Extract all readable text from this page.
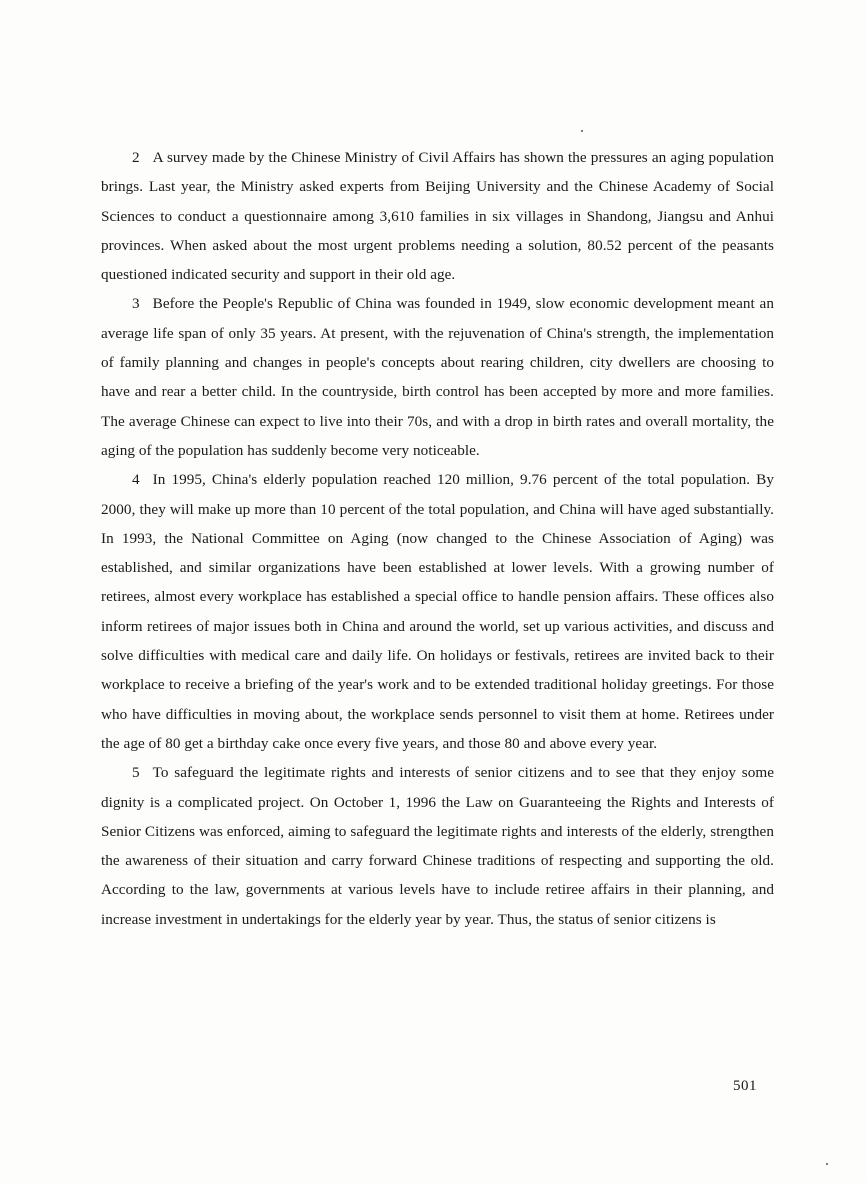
2 A survey made by the Chinese Ministry of Civil Affairs has shown the pressures an aging population brings. Last year, the Ministry asked experts from Beijing University and the Chinese Academy of Social Sciences to conduct a questionnaire among 3,610 families in six villages in Shandong, Jiangsu and Anhui provinces. When asked about the most urgent problems needing a solution, 80.52 percent of the peasants questioned indicated security and support in their old age.

3 Before the People's Republic of China was founded in 1949, slow economic development meant an average life span of only 35 years. At present, with the rejuvenation of China's strength, the implementation of family planning and changes in people's concepts about rearing children, city dwellers are choosing to have and rear a better child. In the countryside, birth control has been accepted by more and more families. The average Chinese can expect to live into their 70s, and with a drop in birth rates and overall mortality, the aging of the population has suddenly become very noticeable.

4 In 1995, China's elderly population reached 120 million, 9.76 percent of the total population. By 2000, they will make up more than 10 percent of the total population, and China will have aged substantially. In 1993, the National Committee on Aging (now changed to the Chinese Association of Aging) was established, and similar organizations have been established at lower levels. With a growing number of retirees, almost every workplace has established a special office to handle pension affairs. These offices also inform retirees of major issues both in China and around the world, set up various activities, and discuss and solve difficulties with medical care and daily life. On holidays or festivals, retirees are invited back to their workplace to receive a briefing of the year's work and to be extended traditional holiday greetings. For those who have difficulties in moving about, the workplace sends personnel to visit them at home. Retirees under the age of 80 get a birthday cake once every five years, and those 80 and above every year.

5 To safeguard the legitimate rights and interests of senior citizens and to see that they enjoy some dignity is a complicated project. On October 1, 1996 the Law on Guaranteeing the Rights and Interests of Senior Citizens was enforced, aiming to safeguard the legitimate rights and interests of the elderly, strengthen the awareness of their situation and carry forward Chinese traditions of respecting and supporting the old. According to the law, governments at various levels have to include retiree affairs in their planning, and increase investment in undertakings for the elderly year by year. Thus, the status of senior citizens is

501
